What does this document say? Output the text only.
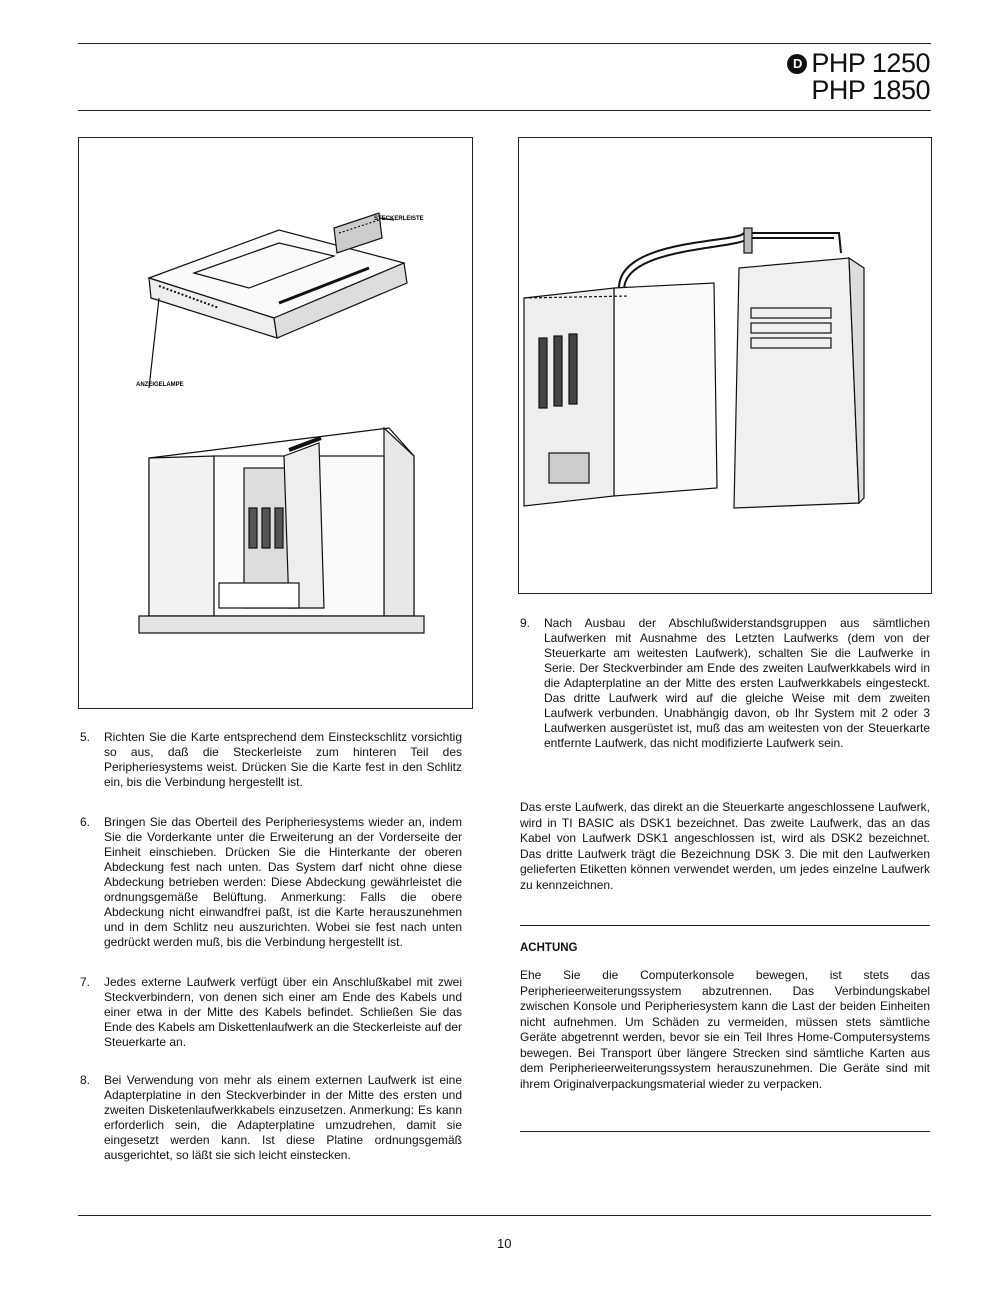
D PHP 1250
PHP 1850
STECKERLEISTE
ANZEIGELAMPE
5. Richten Sie die Karte entsprechend dem Einsteckschlitz vorsichtig so aus, daß die Steckerleiste zum hinteren Teil des Peripheriesystems weist. Drücken Sie die Karte fest in den Schlitz ein, bis die Verbindung hergestellt ist.
6. Bringen Sie das Oberteil des Peripheriesystems wieder an, indem Sie die Vorderkante unter die Erweiterung an der Vorderseite der Einheit einschieben. Drücken Sie die Hinterkante der oberen Abdeckung fest nach unten. Das System darf nicht ohne diese Abdeckung betrieben werden: Diese Abdeckung gewährleistet die ordnungsgemäße Belüftung. Anmerkung: Falls die obere Abdeckung nicht einwandfrei paßt, ist die Karte herauszunehmen und in dem Schlitz neu auszurichten. Wobei sie fest nach unten gedrückt werden muß, bis die Verbindung hergestellt ist.
7. Jedes externe Laufwerk verfügt über ein Anschlußkabel mit zwei Steckverbindern, von denen sich einer am Ende des Kabels und einer etwa in der Mitte des Kabels befindet. Schließen Sie das Ende des Kabels am Diskettenlaufwerk an die Steckerleiste auf der Steuerkarte an.
8. Bei Verwendung von mehr als einem externen Laufwerk ist eine Adapterplatine in den Steckverbinder in der Mitte des ersten und zweiten Disketenlaufwerkkabels einzusetzen. Anmerkung: Es kann erforderlich sein, die Adapterplatine umzudrehen, damit sie eingesetzt werden kann. Ist diese Platine ordnungsgemäß ausgerichtet, so läßt sie sich leicht einstecken.
9. Nach Ausbau der Abschlußwiderstandsgruppen aus sämtlichen Laufwerken mit Ausnahme des Letzten Laufwerks (dem von der Steuerkarte am weitesten Laufwerk), schalten Sie die Laufwerke in Serie. Der Steckverbinder am Ende des zweiten Laufwerkkabels wird in die Adapterplatine an der Mitte des ersten Laufwerkkabels eingesteckt. Das dritte Laufwerk wird auf die gleiche Weise mit dem zweiten Laufwerk verbunden. Unabhängig davon, ob Ihr System mit 2 oder 3 Laufwerken ausgerüstet ist, muß das am weitesten von der Steuerkarte entfernte Laufwerk, das nicht modifizierte Laufwerk sein.
Das erste Laufwerk, das direkt an die Steuerkarte angeschlossene Laufwerk, wird in TI BASIC als DSK1 bezeichnet. Das zweite Laufwerk, das an das Kabel von Laufwerk DSK1 angeschlossen ist, wird als DSK2 bezeichnet. Das dritte Laufwerk trägt die Bezeichnung DSK 3. Die mit den Laufwerken gelieferten Etiketten können verwendet werden, um jedes einzelne Laufwerk zu kennzeichnen.
ACHTUNG
Ehe Sie die Computerkonsole bewegen, ist stets das Peripherieerweiterungssystem abzutrennen. Das Verbindungskabel zwischen Konsole und Peripheriesystem kann die Last der beiden Einheiten nicht aufnehmen. Um Schäden zu vermeiden, müssen stets sämtliche Geräte abgetrennt werden, bevor sie ein Teil Ihres Home-Computersystems bewegen. Bei Transport über längere Strecken sind sämtliche Karten aus dem Peripherieerweiterungssystem herauszunehmen. Die Geräte sind mit ihrem Originalverpackungsmaterial wieder zu verpacken.
10
